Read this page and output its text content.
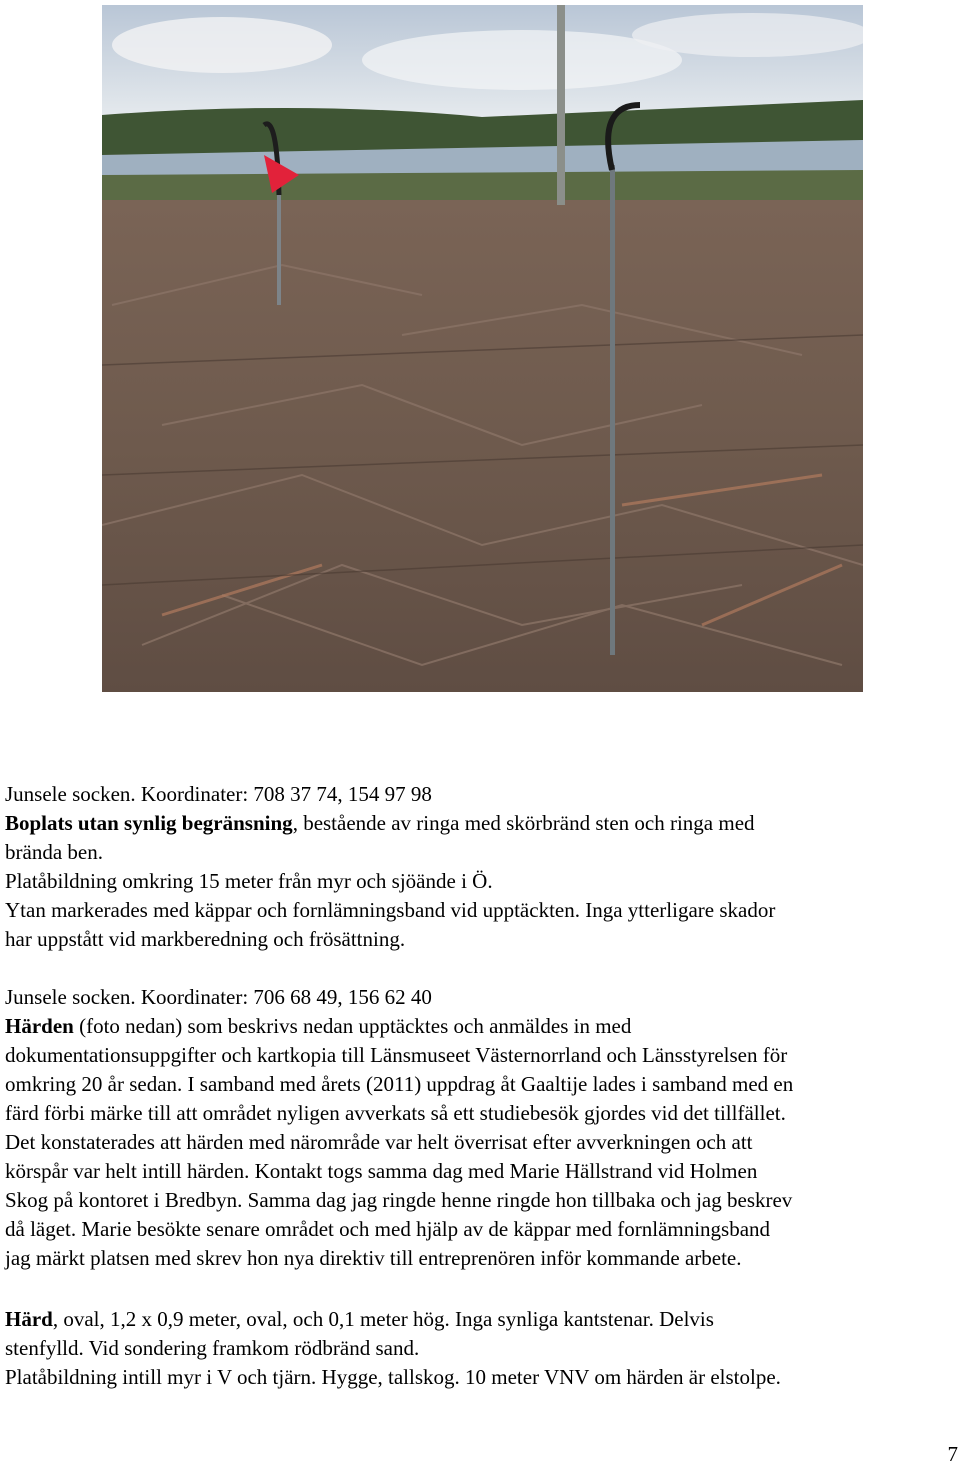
Junsele socken. Koordinater: 708 37 74, 154 97 98

Boplats utan synlig begränsning, bestående av ringa med skörbränd sten och ringa med

brända ben.

Platåbildning omkring 15 meter från myr och sjöände i Ö.

Ytan markerades med käppar och fornlämningsband vid upptäckten. Inga ytterligare skador

har uppstått vid markberedning och frösättning.

Junsele socken. Koordinater: 706 68 49, 156 62 40

Härden (foto nedan) som beskrivs nedan upptäcktes och anmäldes in med

dokumentationsuppgifter och kartkopia till Länsmuseet Västernorrland och Länsstyrelsen för

omkring 20 år sedan. I samband med årets (2011) uppdrag åt Gaaltije lades i samband med en

färd förbi märke till att området nyligen avverkats så ett studiebesök gjordes vid det tillfället.

Det konstaterades att härden med närområde var helt överrisat efter avverkningen och att

körspår var helt intill härden. Kontakt togs samma dag med Marie Hällstrand vid Holmen

Skog på kontoret i Bredbyn. Samma dag jag ringde henne ringde hon tillbaka och jag beskrev

då läget. Marie besökte senare området och med hjälp av de käppar med fornlämningsband

jag märkt platsen med skrev hon nya direktiv till entreprenören inför kommande arbete.

Härd, oval, 1,2 x 0,9 meter, oval, och 0,1 meter hög. Inga synliga kantstenar. Delvis

stenfylld. Vid sondering framkom rödbränd sand.

Platåbildning intill myr i V och tjärn. Hygge, tallskog. 10 meter VNV om härden är elstolpe.

7
